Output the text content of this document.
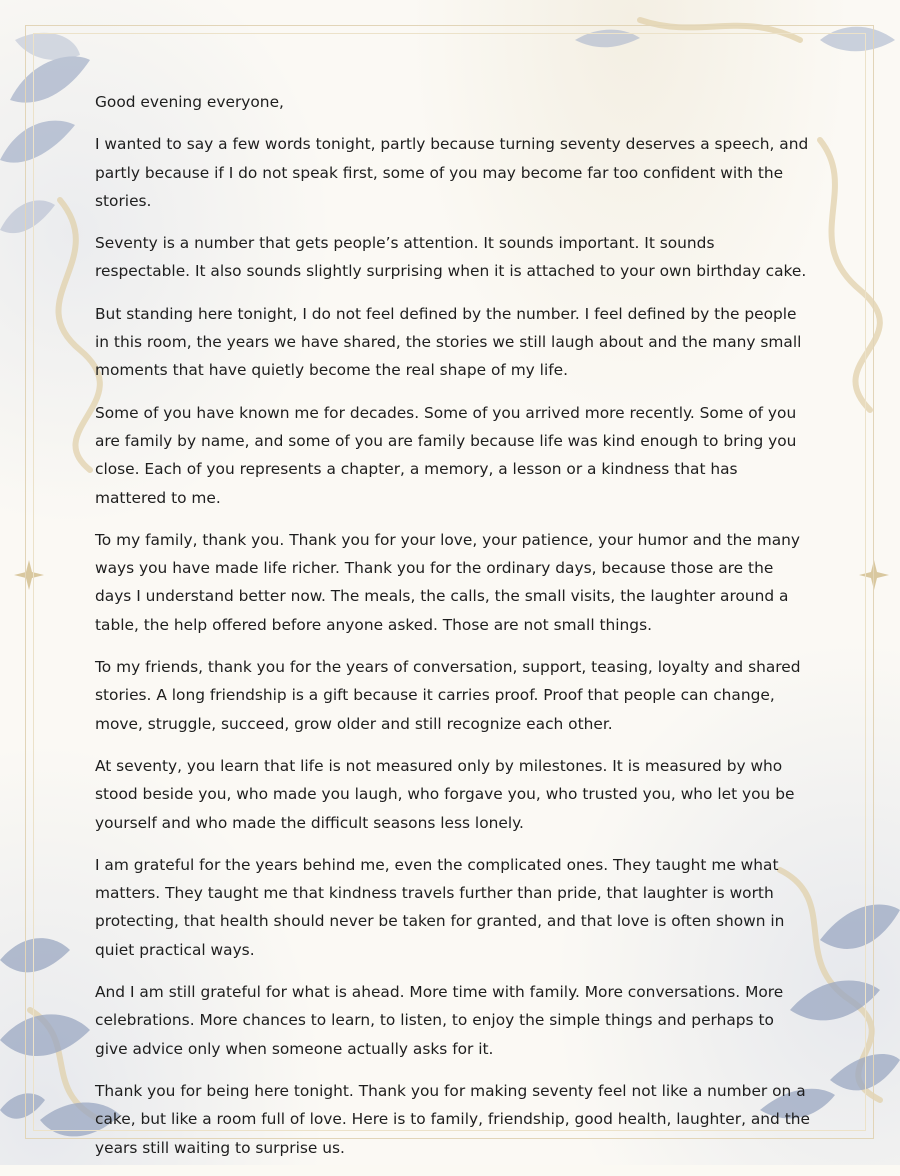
Good evening everyone,

I wanted to say a few words tonight, partly because turning seventy deserves a speech, and partly because if I do not speak first, some of you may become far too confident with the stories.

Seventy is a number that gets people’s attention. It sounds important. It sounds respectable. It also sounds slightly surprising when it is attached to your own birthday cake.

But standing here tonight, I do not feel defined by the number. I feel defined by the people in this room, the years we have shared, the stories we still laugh about and the many small moments that have quietly become the real shape of my life.

Some of you have known me for decades. Some of you arrived more recently. Some of you are family by name, and some of you are family because life was kind enough to bring you close. Each of you represents a chapter, a memory, a lesson or a kindness that has mattered to me.

To my family, thank you. Thank you for your love, your patience, your humor and the many ways you have made life richer. Thank you for the ordinary days, because those are the days I understand better now. The meals, the calls, the small visits, the laughter around a table, the help offered before anyone asked. Those are not small things.

To my friends, thank you for the years of conversation, support, teasing, loyalty and shared stories. A long friendship is a gift because it carries proof. Proof that people can change, move, struggle, succeed, grow older and still recognize each other.

At seventy, you learn that life is not measured only by milestones. It is measured by who stood beside you, who made you laugh, who forgave you, who trusted you, who let you be yourself and who made the difficult seasons less lonely.

I am grateful for the years behind me, even the complicated ones. They taught me what matters. They taught me that kindness travels further than pride, that laughter is worth protecting, that health should never be taken for granted, and that love is often shown in quiet practical ways.

And I am still grateful for what is ahead. More time with family. More conversations. More celebrations. More chances to learn, to listen, to enjoy the simple things and perhaps to give advice only when someone actually asks for it.

Thank you for being here tonight. Thank you for making seventy feel not like a number on a cake, but like a room full of love. Here is to family, friendship, good health, laughter, and the years still waiting to surprise us.
